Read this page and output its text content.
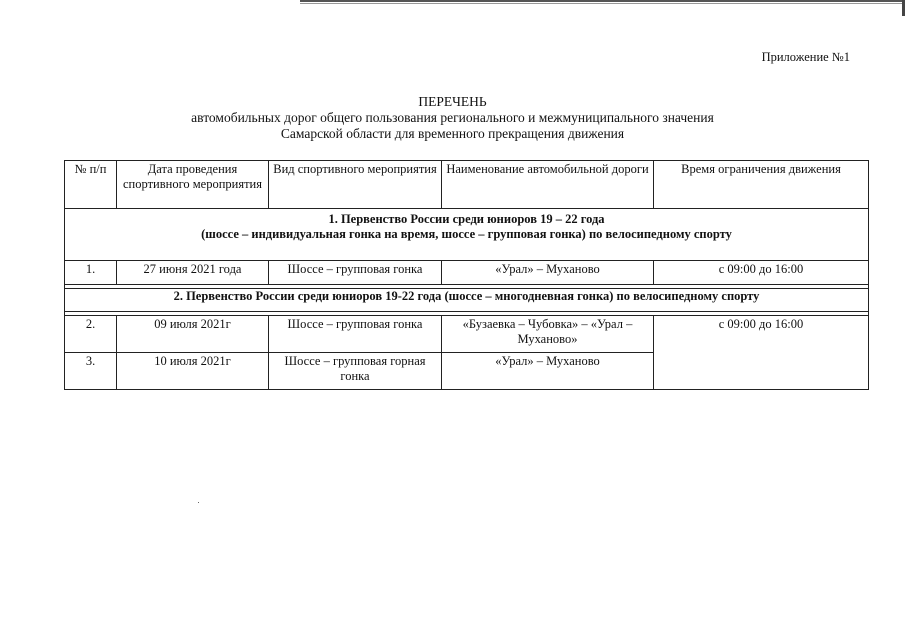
Приложение №1
ПЕРЕЧЕНЬ
автомобильных дорог общего пользования регионального и межмуниципального значения
Самарской области для временного прекращения движения
№ п/п	Дата проведения спортивного мероприятия	Вид спортивного мероприятия	Наименование автомобильной дороги	Время ограничения движения

1. Первенство России среди юниоров 19 – 22 года
(шоссе – индивидуальная гонка на время, шоссе – групповая гонка) по велосипедному спорту				

1.	27 июня 2021 года	Шоссе – групповая гонка	«Урал» – Муханово	с 09:00 до 16:00

2. Первенство России среди юниоров 19-22 года (шоссе – многодневная гонка) по велосипедному спорту				

2.	09 июля 2021г	Шоссе – групповая гонка	«Бузаевка – Чубовка» – «Урал – Муханово»	с 09:00 до 16:00
3.	10 июля 2021г	Шоссе – групповая горная гонка	«Урал» – Муханово	
